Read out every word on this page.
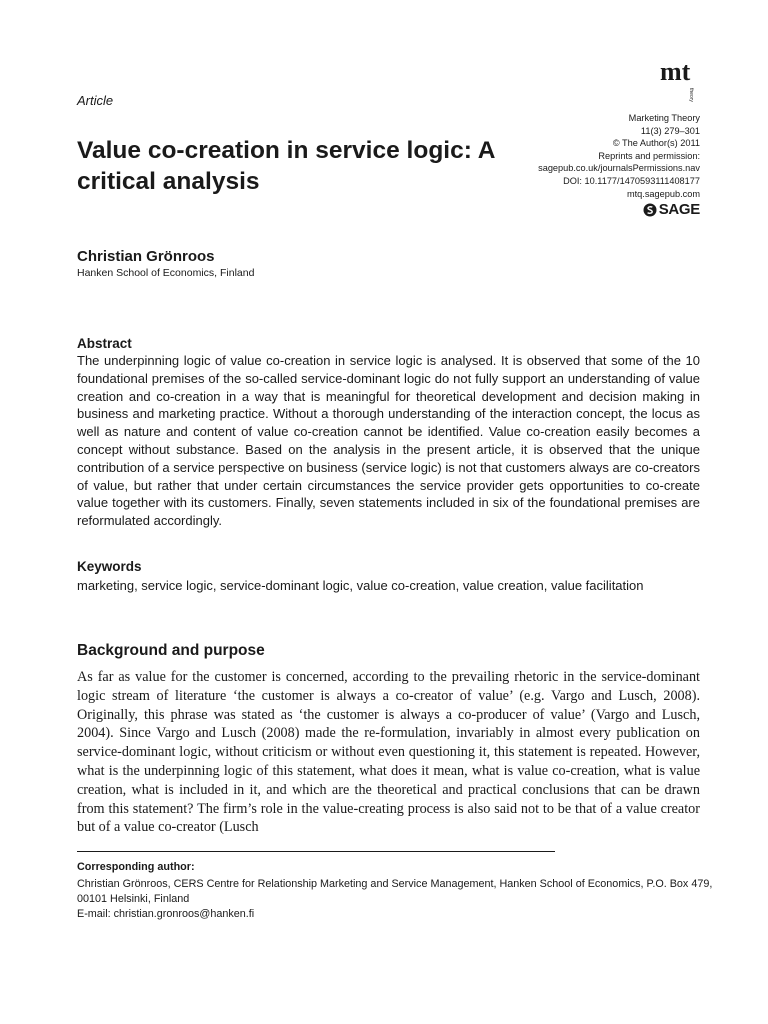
Article
mt
theory
Marketing Theory
11(3) 279–301
© The Author(s) 2011
Reprints and permission:
sagepub.co.uk/journalsPermissions.nav
DOI: 10.1177/1470593111408177
mtq.sagepub.com
SAGE
Value co-creation in service logic: A critical analysis
Christian Grönroos
Hanken School of Economics, Finland
Abstract
The underpinning logic of value co-creation in service logic is analysed. It is observed that some of the 10 foundational premises of the so-called service-dominant logic do not fully support an understanding of value creation and co-creation in a way that is meaningful for theoretical development and decision making in business and marketing practice. Without a thorough understanding of the interaction concept, the locus as well as nature and content of value co-creation cannot be identified. Value co-creation easily becomes a concept without substance. Based on the analysis in the present article, it is observed that the unique contribution of a service perspective on business (service logic) is not that customers always are co-creators of value, but rather that under certain circumstances the service provider gets opportunities to co-create value together with its customers. Finally, seven statements included in six of the foundational premises are reformulated accordingly.
Keywords
marketing, service logic, service-dominant logic, value co-creation, value creation, value facilitation
Background and purpose
As far as value for the customer is concerned, according to the prevailing rhetoric in the service-dominant logic stream of literature ‘the customer is always a co-creator of value’ (e.g. Vargo and Lusch, 2008). Originally, this phrase was stated as ‘the customer is always a co-producer of value’ (Vargo and Lusch, 2004). Since Vargo and Lusch (2008) made the re-formulation, invariably in almost every publication on service-dominant logic, without criticism or without even questioning it, this statement is repeated. However, what is the underpinning logic of this statement, what does it mean, what is value co-creation, what is value creation, what is included in it, and which are the theoretical and practical conclusions that can be drawn from this statement? The firm’s role in the value-creating process is also said not to be that of a value creator but of a value co-creator (Lusch
Corresponding author:
Christian Grönroos, CERS Centre for Relationship Marketing and Service Management, Hanken School of Economics, P.O. Box 479, 00101 Helsinki, Finland
E-mail: christian.gronroos@hanken.fi
